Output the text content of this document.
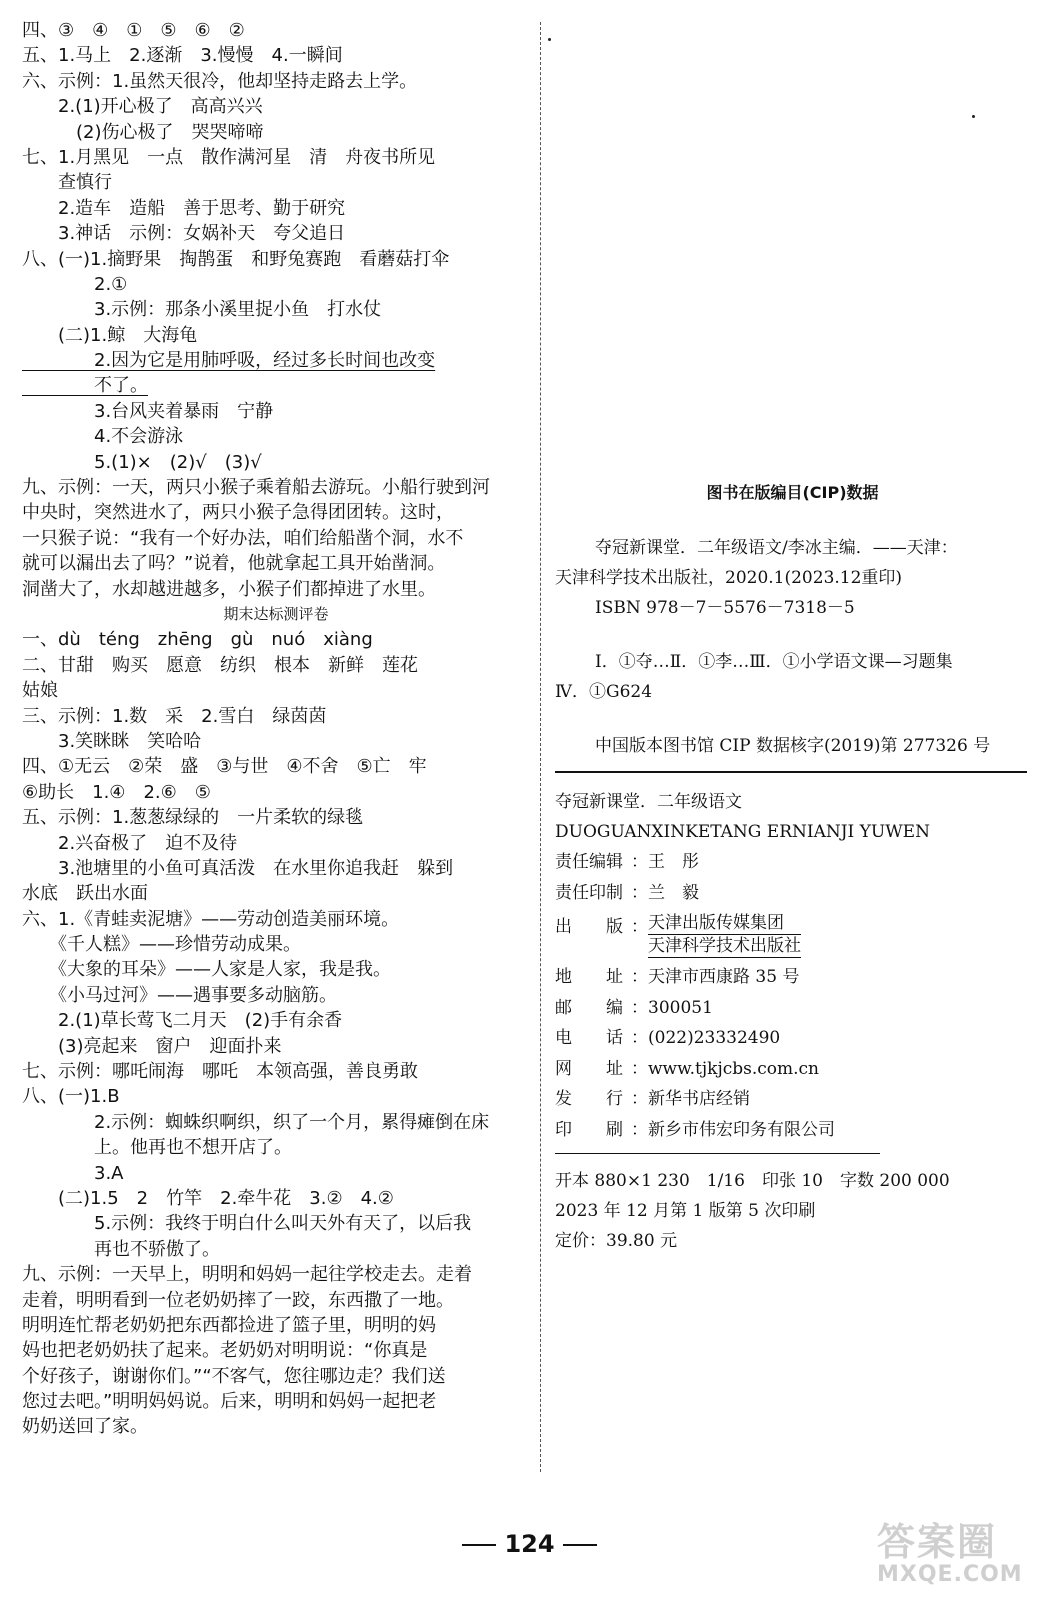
四、③　④　①　⑤　⑥　②
五、1.马上　2.逐渐　3.慢慢　4.一瞬间
六、示例：1.虽然天很冷，他却坚持走路去上学。
　　2.(1)开心极了　高高兴兴
　　　(2)伤心极了　哭哭啼啼
七、1.月黑见　一点　散作满河星　清　舟夜书所见
　　查慎行
　　2.造车　造船　善于思考、勤于研究
　　3.神话　示例：女娲补天　夸父追日
八、(一)1.摘野果　掏鹊蛋　和野兔赛跑　看蘑菇打伞
　　　　2.①
　　　　3.示例：那条小溪里捉小鱼　打水仗
　　(二)1.鲸　大海龟
　　　　2.因为它是用肺呼吸，经过多长时间也改变
　　　　不了。
　　　　3.台风夹着暴雨　宁静
　　　　4.不会游泳
　　　　5.(1)×　(2)√　(3)√
九、示例：一天，两只小猴子乘着船去游玩。小船行驶到河
中央时，突然进水了，两只小猴子急得团团转。这时，
一只猴子说：“我有一个好办法，咱们给船凿个洞，水不
就可以漏出去了吗？”说着，他就拿起工具开始凿洞。
洞凿大了，水却越进越多，小猴子们都掉进了水里。
期末达标测评卷
一、dù　téng　zhēng　gù　nuó　xiàng
二、甘甜　购买　愿意　纺织　根本　新鲜　莲花
姑娘
三、示例：1.数　采　2.雪白　绿茵茵
　　3.笑眯眯　笑哈哈
四、①无云　②荣　盛　③与世　④不舍　⑤亡　牢
⑥助长　1.④　2.⑥　⑤
五、示例：1.葱葱绿绿的　一片柔软的绿毯
　　2.兴奋极了　迫不及待
　　3.池塘里的小鱼可真活泼　在水里你追我赶　躲到
水底　跃出水面
六、1.《青蛙卖泥塘》——劳动创造美丽环境。
　　《千人糕》——珍惜劳动成果。
　　《大象的耳朵》——人家是人家，我是我。
　　《小马过河》——遇事要多动脑筋。
　　2.(1)草长莺飞二月天　(2)手有余香
　　(3)亮起来　窗户　迎面扑来
七、示例：哪吒闹海　哪吒　本领高强，善良勇敢
八、(一)1.B
　　　　2.示例：蜘蛛织啊织，织了一个月，累得瘫倒在床
　　　　上。他再也不想开店了。
　　　　3.A
　　(二)1.5　2　竹竿　2.牵牛花　3.②　4.②
　　　　5.示例：我终于明白什么叫天外有天了，以后我
　　　　再也不骄傲了。
九、示例：一天早上，明明和妈妈一起往学校走去。走着
走着，明明看到一位老奶奶摔了一跤，东西撒了一地。
明明连忙帮老奶奶把东西都捡进了篮子里，明明的妈
妈也把老奶奶扶了起来。老奶奶对明明说：“你真是
个好孩子，谢谢你们。”“不客气，您往哪边走？我们送
您过去吧。”明明妈妈说。后来，明明和妈妈一起把老
奶奶送回了家。
图书在版编目(CIP)数据
夺冠新课堂．二年级语文/李冰主编．——天津：
天津科学技术出版社，2020.1(2023.12重印)
ISBN 978－7－5576－7318－5
Ⅰ．①夺…Ⅱ．①李…Ⅲ．①小学语文课—习题集
Ⅳ．①G624
中国版本图书馆 CIP 数据核字(2019)第 277326 号
夺冠新课堂．二年级语文
DUOGUANXINKETANG ERNIANJI YUWEN
责任编辑 ： 王　彤
责任印制 ： 兰　毅
出　　版 ： 天津出版传媒集团
天津科学技术出版社
地　　址 ： 天津市西康路 35 号
邮　　编 ： 300051
电　　话 ： (022)23332490
网　　址 ： www.tjkjcbs.com.cn
发　　行 ： 新华书店经销
印　　刷 ： 新乡市伟宏印务有限公司
开本 880×1 230　1/16　印张 10　字数 200 000
2023 年 12 月第 1 版第 5 次印刷
定价：39.80 元
124	答案圈
MXQE.COM
